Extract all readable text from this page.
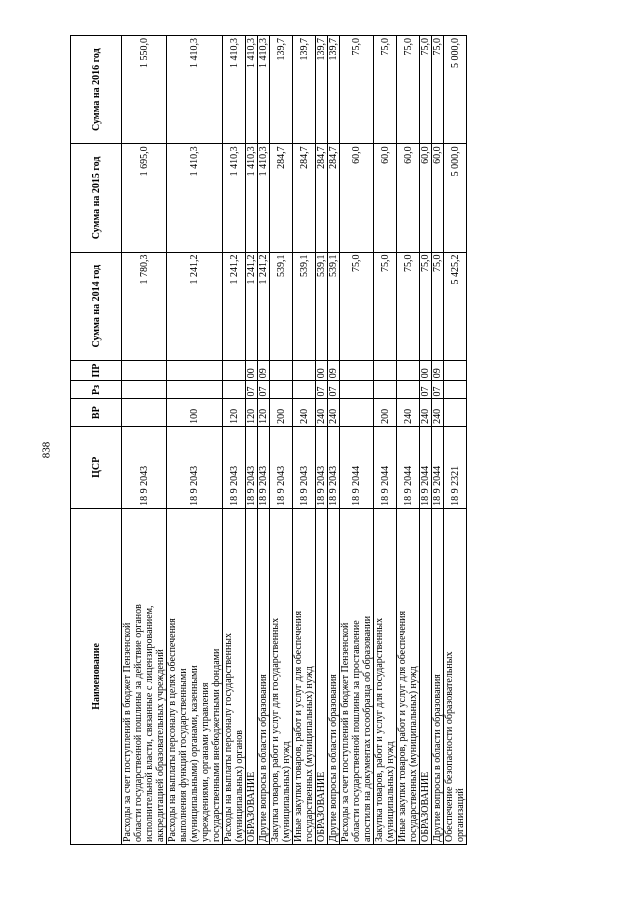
838
Наименование	ЦСР	ВР	Рз	ПР	Сумма на 2014 год	Сумма на 2015 год	Сумма на 2016 год

Расходы за счет поступлений в бюджет Пензенской области государственной пошлины за действие органов исполнительной власти, связанные с лицензированием, аккредитацией образовательных учреждений	18 9 2043				1 780,3	1 695,0	1 550,0

Расходы на выплаты персоналу в целях обеспечения выполнения функций государственными (муниципальными) органами, казенными учреждениями, органами управления государственными внебюджетными фондами	18 9 2043	100			1 241,2	1 410,3	1 410,3

Расходы на выплаты персоналу государственных (муниципальных) органов	18 9 2043	120			1 241,2	1 410,3	1 410,3

ОБРАЗОВАНИЕ	18 9 2043	120	07	00	1 241,2	1 410,3	1 410,3

Другие вопросы в области образования	18 9 2043	120	07	09	1 241,2	1 410,3	1 410,3

Закупка товаров, работ и услуг для государственных (муниципальных) нужд	18 9 2043	200			539,1	284,7	139,7

Иные закупки товаров, работ и услуг для обеспечения государственных (муниципальных) нужд	18 9 2043	240			539,1	284,7	139,7

ОБРАЗОВАНИЕ	18 9 2043	240	07	00	539,1	284,7	139,7

Другие вопросы в области образования	18 9 2043	240	07	09	539,1	284,7	139,7

Расходы за счет поступлений в бюджет Пензенской области государственной пошлины за проставление апостиля на документах госообразца об образовании	18 9 2044				75,0	60,0	75,0

Закупка товаров, работ и услуг для государственных (муниципальных) нужд	18 9 2044	200			75,0	60,0	75,0

Иные закупки товаров, работ и услуг для обеспечения государственных (муниципальных) нужд	18 9 2044	240			75,0	60,0	75,0

ОБРАЗОВАНИЕ	18 9 2044	240	07	00	75,0	60,0	75,0

Другие вопросы в области образования	18 9 2044	240	07	09	75,0	60,0	75,0

Обеспечение безопасности образовательных организаций	18 9 2321				5 425,2	5 000,0	5 000,0
